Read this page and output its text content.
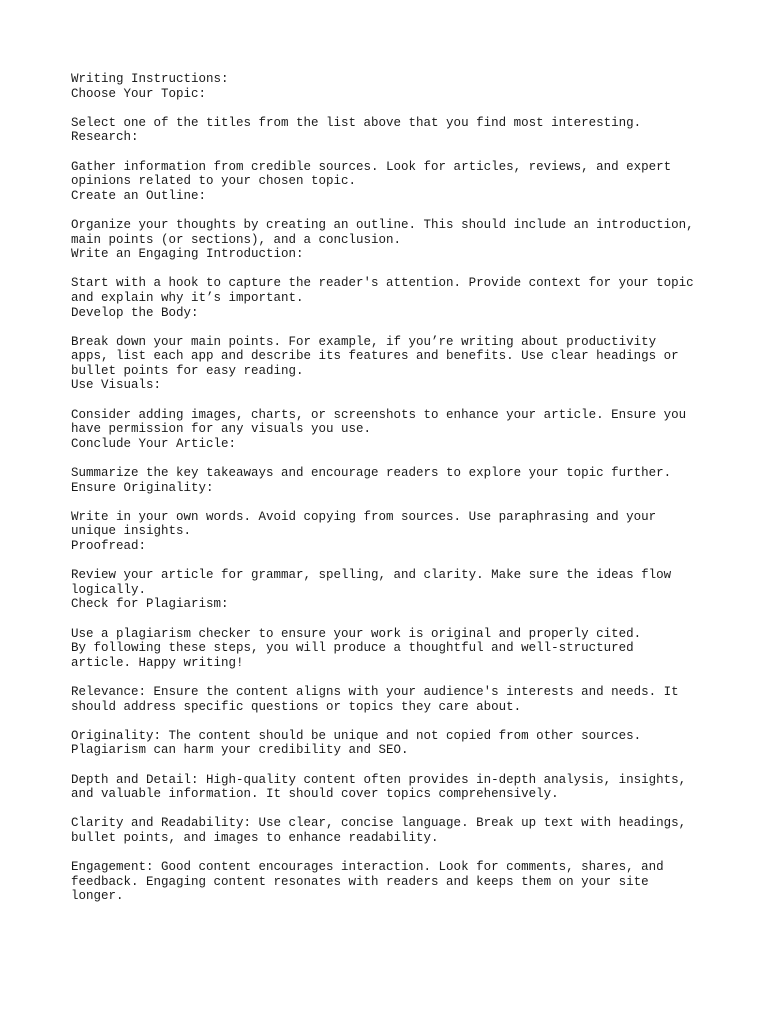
Writing Instructions:
Choose Your Topic:
Select one of the titles from the list above that you find most interesting.
Research:
Gather information from credible sources. Look for articles, reviews, and expert
opinions related to your chosen topic.
Create an Outline:
Organize your thoughts by creating an outline. This should include an introduction,
main points (or sections), and a conclusion.
Write an Engaging Introduction:
Start with a hook to capture the reader's attention. Provide context for your topic
and explain why it’s important.
Develop the Body:
Break down your main points. For example, if you’re writing about productivity
apps, list each app and describe its features and benefits. Use clear headings or
bullet points for easy reading.
Use Visuals:
Consider adding images, charts, or screenshots to enhance your article. Ensure you
have permission for any visuals you use.
Conclude Your Article:
Summarize the key takeaways and encourage readers to explore your topic further.
Ensure Originality:
Write in your own words. Avoid copying from sources. Use paraphrasing and your
unique insights.
Proofread:
Review your article for grammar, spelling, and clarity. Make sure the ideas flow
logically.
Check for Plagiarism:
Use a plagiarism checker to ensure your work is original and properly cited.
By following these steps, you will produce a thoughtful and well-structured
article. Happy writing!
Relevance: Ensure the content aligns with your audience's interests and needs. It
should address specific questions or topics they care about.
Originality: The content should be unique and not copied from other sources.
Plagiarism can harm your credibility and SEO.
Depth and Detail: High-quality content often provides in-depth analysis, insights,
and valuable information. It should cover topics comprehensively.
Clarity and Readability: Use clear, concise language. Break up text with headings,
bullet points, and images to enhance readability.
Engagement: Good content encourages interaction. Look for comments, shares, and
feedback. Engaging content resonates with readers and keeps them on your site
longer.
